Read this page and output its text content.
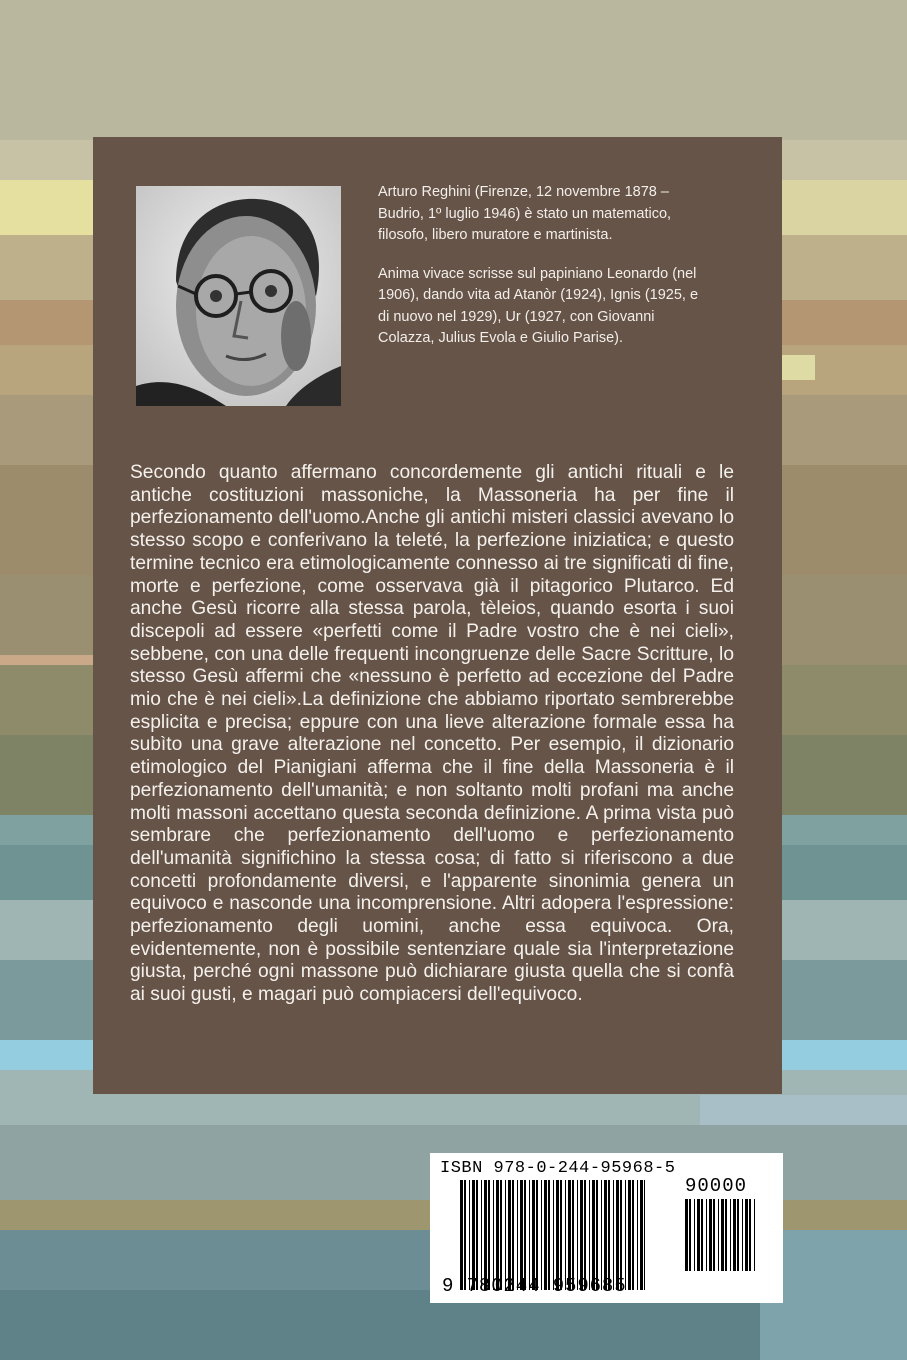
Arturo Reghini (Firenze, 12 novembre 1878 – Budrio, 1º luglio 1946) è stato un matematico, filosofo, libero muratore e martinista.

Anima vivace scrisse sul papiniano Leonardo (nel 1906), dando vita ad Atanòr (1924), Ignis (1925, e di nuovo nel 1929), Ur (1927, con Giovanni Colazza, Julius Evola e Giulio Parise).

Secondo quanto affermano concordemente gli antichi rituali e le antiche costituzioni massoniche, la Massoneria ha per fine il perfezionamento dell'uomo.Anche gli antichi misteri classici avevano lo stesso scopo e conferivano la teleté, la perfezione iniziatica; e questo termine tecnico era etimologicamente connesso ai tre significati di fine, morte e perfezione, come osservava già il pitagorico Plutarco. Ed anche Gesù ricorre alla stessa parola, tèleios, quando esorta i suoi discepoli ad essere «perfetti come il Padre vostro che è nei cieli», sebbene, con una delle frequenti incongruenze delle Sacre Scritture, lo stesso Gesù affermi che «nessuno è perfetto ad eccezione del Padre mio che è nei cieli».La definizione che abbiamo riportato sembrerebbe esplicita e precisa; eppure con una lieve alterazione formale essa ha subìto una grave alterazione nel concetto. Per esempio, il dizionario etimologico del Pianigiani afferma che il fine della Massoneria è il perfezionamento dell'umanità; e non soltanto molti profani ma anche molti massoni accettano questa seconda definizione. A prima vista può sembrare che perfezionamento dell'uomo e perfezionamento dell'umanità significhino la stessa cosa; di fatto si riferiscono a due concetti profondamente diversi, e l'apparente sinonimia genera un equivoco e nasconde una incomprensione. Altri adopera l'espressione: perfezionamento degli uomini, anche essa equivoca. Ora, evidentemente, non è possibile sentenziare quale sia l'interpretazione giusta, perché ogni massone può dichiarare giusta quella che si confà ai suoi gusti, e magari può compiacersi dell'equivoco.
ISBN 978-0-244-95968-5
90000
9 780244 959685
